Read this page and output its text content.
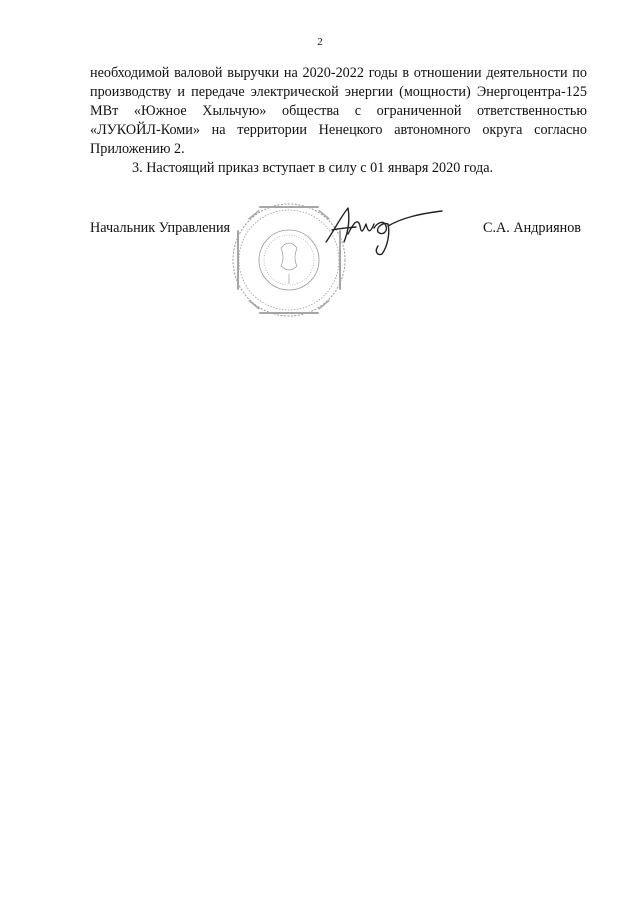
2

необходимой валовой выручки на 2020-2022 годы в отношении деятельности по производству и передаче электрической энергии (мощности) Энергоцентра-125 МВт «Южное Хыльчую» общества с ограниченной ответственностью «ЛУКОЙЛ-Коми» на территории Ненецкого автономного округа согласно Приложению 2.

3. Настоящий приказ вступает в силу с 01 января 2020 года.

Начальник Управления	С.А. Андриянов
